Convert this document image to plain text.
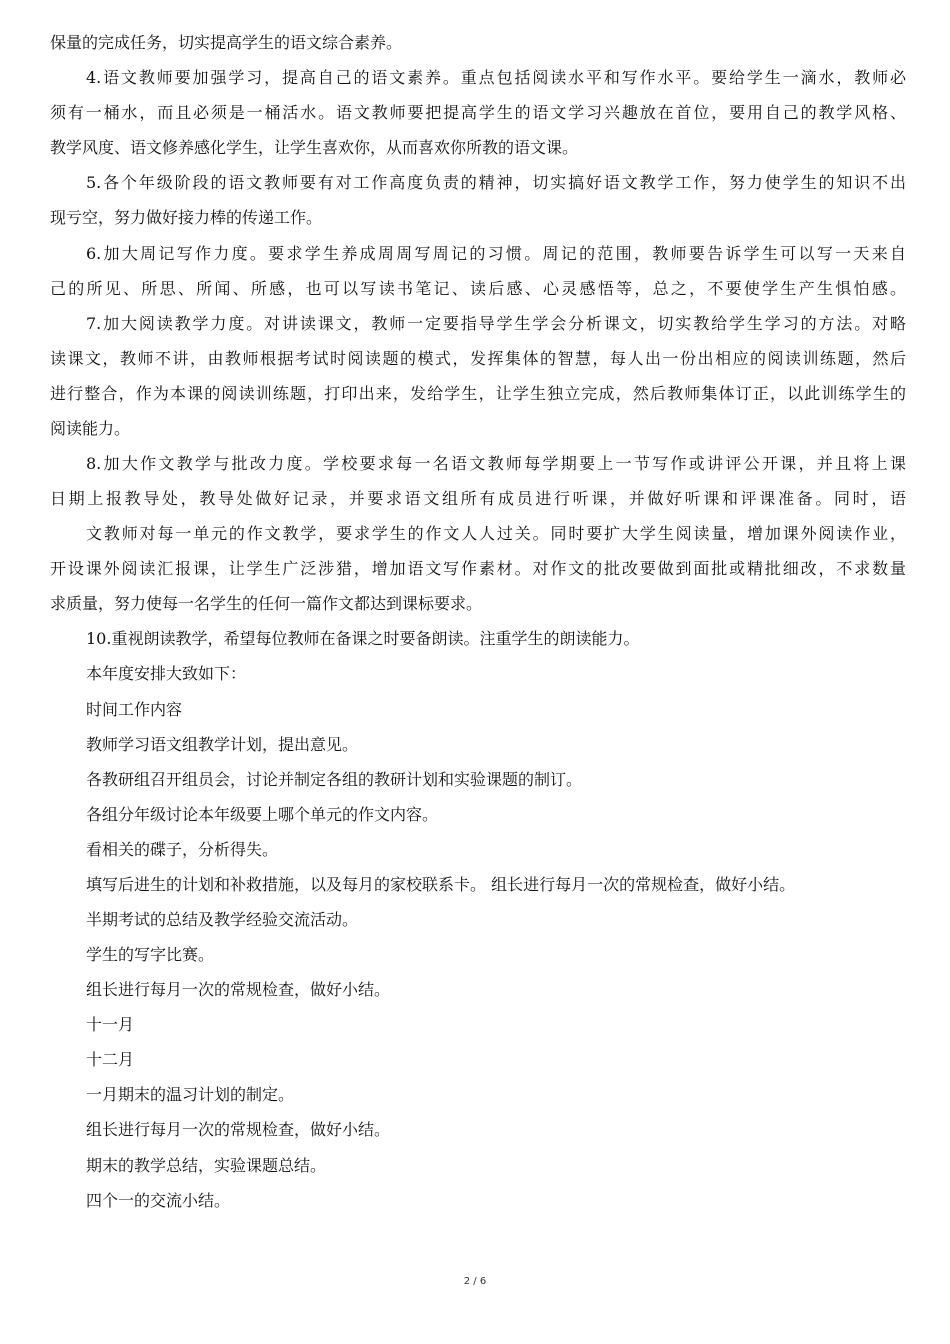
保量的完成任务，切实提高学生的语文综合素养。
4.语文教师要加强学习，提高自己的语文素养。重点包括阅读水平和写作水平。要给学生一滴水，教师必
须有一桶水，而且必须是一桶活水。语文教师要把提高学生的语文学习兴趣放在首位，要用自己的教学风格、
教学风度、语文修养感化学生，让学生喜欢你，从而喜欢你所教的语文课。
5.各个年级阶段的语文教师要有对工作高度负责的精神，切实搞好语文教学工作，努力使学生的知识不出
现亏空，努力做好接力棒的传递工作。
6.加大周记写作力度。要求学生养成周周写周记的习惯。周记的范围，教师要告诉学生可以写一天来自
己的所见、所思、所闻、所感，也可以写读书笔记、读后感、心灵感悟等，总之，不要使学生产生惧怕感。
7.加大阅读教学力度。对讲读课文，教师一定要指导学生学会分析课文，切实教给学生学习的方法。对略
读课文，教师不讲，由教师根据考试时阅读题的模式，发挥集体的智慧，每人出一份出相应的阅读训练题，然后
进行整合，作为本课的阅读训练题，打印出来，发给学生，让学生独立完成，然后教师集体订正，以此训练学生的
阅读能力。
8.加大作文教学与批改力度。学校要求每一名语文教师每学期要上一节写作或讲评公开课，并且将上课
日期上报教导处，教导处做好记录，并要求语文组所有成员进行听课，并做好听课和评课准备。同时，语
文教师对每一单元的作文教学，要求学生的作文人人过关。同时要扩大学生阅读量，增加课外阅读作业，
开设课外阅读汇报课，让学生广泛涉猎，增加语文写作素材。对作文的批改要做到面批或精批细改，不求数量
求质量，努力使每一名学生的任何一篇作文都达到课标要求。
10.重视朗读教学，希望每位教师在备课之时要备朗读。注重学生的朗读能力。
本年度安排大致如下：
时间工作内容
教师学习语文组教学计划，提出意见。
各教研组召开组员会，讨论并制定各组的教研计划和实验课题的制订。
各组分年级讨论本年级要上哪个单元的作文内容。
看相关的碟子，分析得失。
填写后进生的计划和补救措施，以及每月的家校联系卡。 组长进行每月一次的常规检查，做好小结。
半期考试的总结及教学经验交流活动。
学生的写字比赛。
组长进行每月一次的常规检查，做好小结。
十一月
十二月
一月期末的温习计划的制定。
组长进行每月一次的常规检查，做好小结。
期末的教学总结，实验课题总结。
四个一的交流小结。
2 / 6
